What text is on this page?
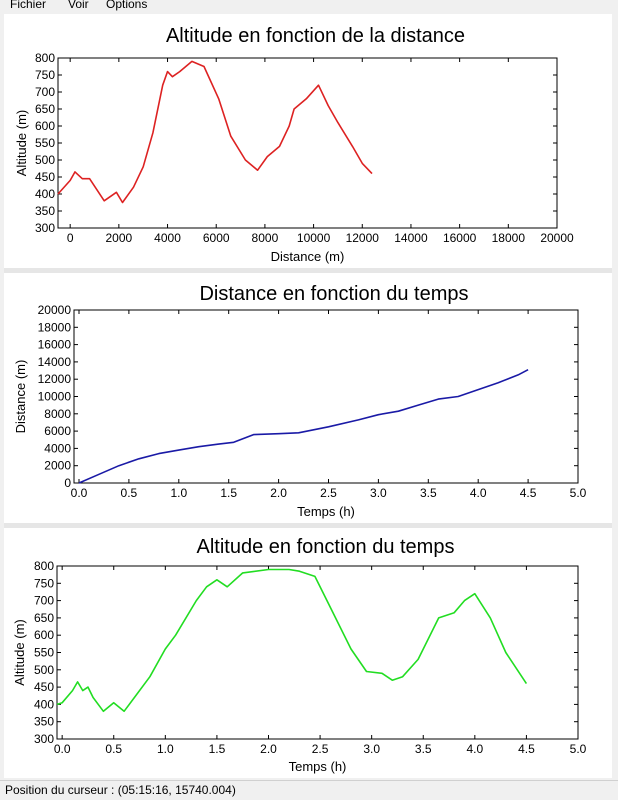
Fichier Voir Options
Altitude en fonction de la distance
0	2000 4000 6000 8000 10000 12000 14000 16000 18000 20000
300
350
400
450
500
550
600
650
700
750
800
Distance (m)
Altitude (m)
Distance en fonction du temps
0.0	0.5	1.0	1.5	2.0	2.5	3.0	3.5	4.0	4.5	5.0
0
2000
4000
6000
8000
10000
12000
14000
16000
18000
20000
Temps (h)
Distance (m)
Altitude en fonction du temps
0.0	0.5	1.0	1.5	2.0	2.5	3.0	3.5	4.0	4.5	5.0
300
350
400
450
500
550
600
650
700
750
800
Temps (h)
Altitude (m)
Position du curseur : (05:15:16, 15740.004)
